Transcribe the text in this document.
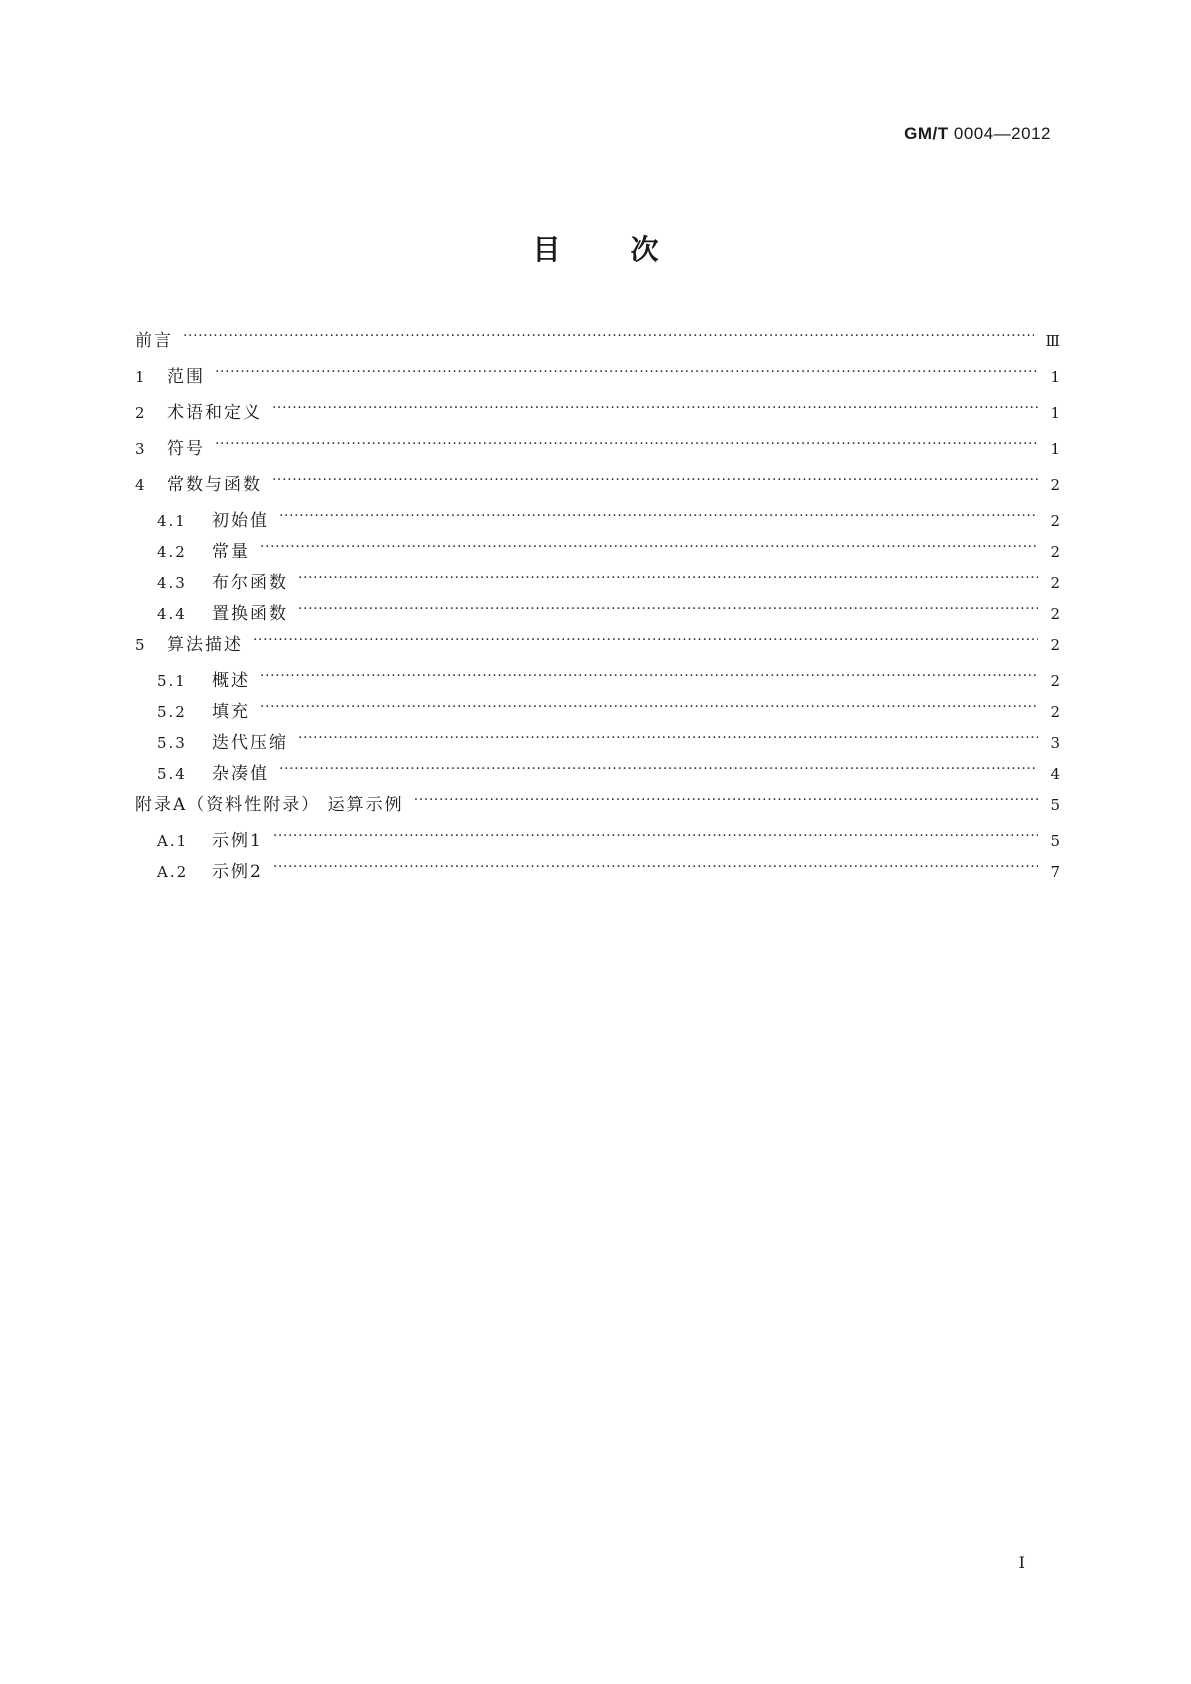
GM/T 0004—2012
目次
前言 ·····	Ⅲ
1	范围 ·····	1
2	术语和定义 ·····	1
3	符号 ·····	1
4	常数与函数 ·····	2
4.1	初始值 ·····	2
4.2	常量 ·····	2
4.3	布尔函数 ·····	2
4.4	置换函数 ·····	2
5	算法描述 ·····	2
5.1	概述 ·····	2
5.2	填充 ·····	2
5.3	迭代压缩 ·····	3
5.4	杂凑值 ·····	4
附录A（资料性附录） 运算示例 ·····	5
A.1	示例1 ·····	5
A.2	示例2 ·····	7
I
